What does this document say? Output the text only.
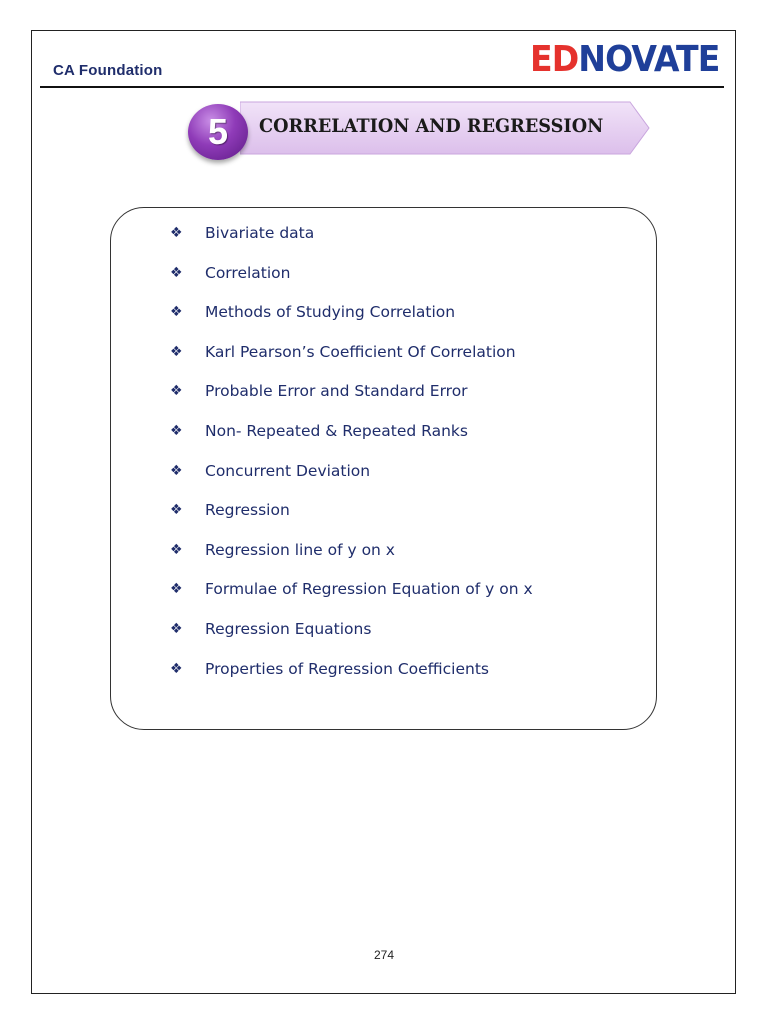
CA Foundation	EDNOVATE
5	CORRELATION AND REGRESSION
❖	Bivariate data
❖	Correlation
❖	Methods of Studying Correlation
❖	Karl Pearson’s Coefficient Of Correlation
❖	Probable Error and Standard Error
❖	Non- Repeated & Repeated Ranks
❖	Concurrent Deviation
❖	Regression
❖	Regression line of y on x
❖	Formulae of Regression Equation of y on x
❖	Regression Equations
❖	Properties of Regression Coefficients
274
